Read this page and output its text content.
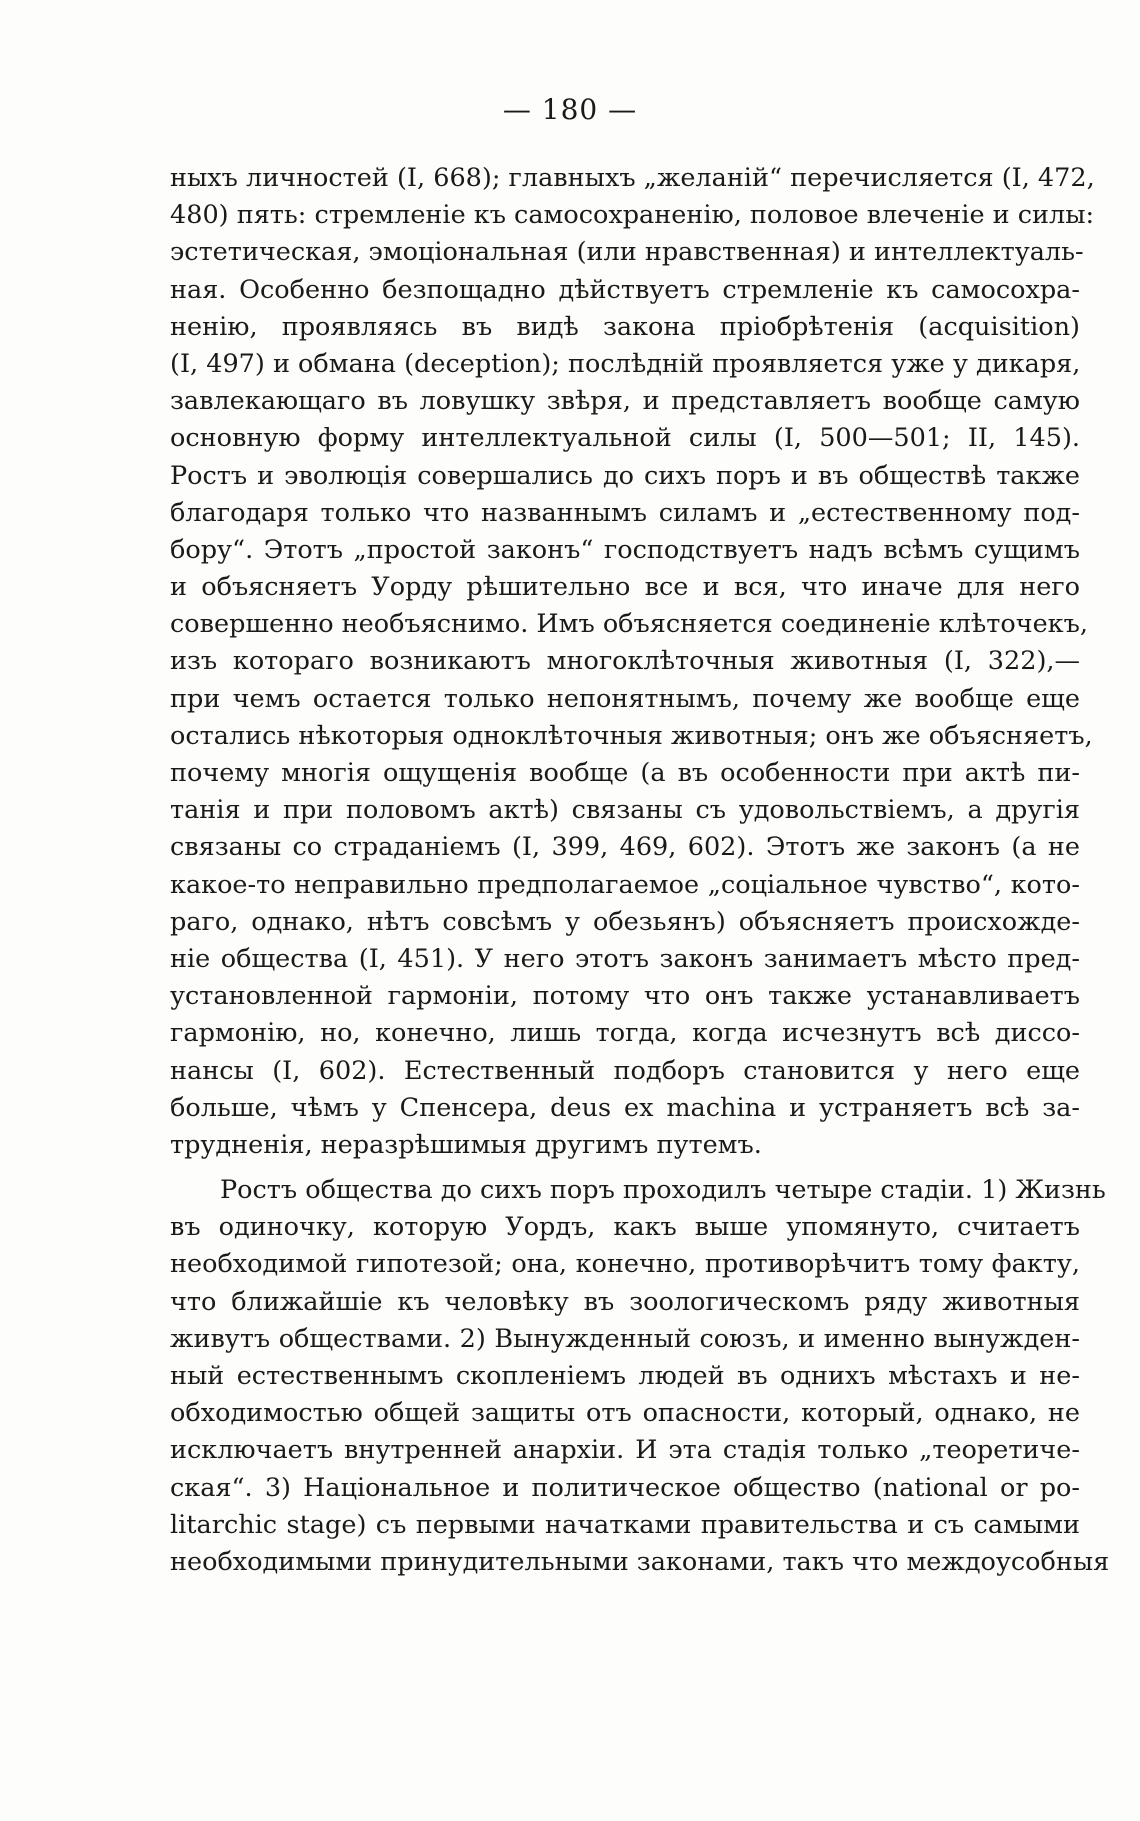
— 180 —
ныхъ личностей (I, 668); главныхъ „желаній“ перечисляется (I, 472,
480) пять: стремленіе къ самосохраненію, половое влеченіе и силы:
эстетическая, эмоціональная (или нравственная) и интеллектуаль-
ная. Особенно безпощадно дѣйствуетъ стремленіе къ самосохра-
ненію, проявляясь въ видѣ закона пріобрѣтенія (acquisition)
(I, 497) и обмана (deception); послѣдній проявляется уже у дикаря,
завлекающаго въ ловушку звѣря, и представляетъ вообще самую
основную форму интеллектуальной силы (I, 500—501; II, 145).
Ростъ и эволюція совершались до сихъ поръ и въ обществѣ также
благодаря только что названнымъ силамъ и „естественному под-
бору“. Этотъ „простой законъ“ господствуетъ надъ всѣмъ сущимъ
и объясняетъ Уорду рѣшительно все и вся, что иначе для него
совершенно необъяснимо. Имъ объясняется соединеніе клѣточекъ,
изъ котораго возникаютъ многоклѣточныя животныя (I, 322),—
при чемъ остается только непонятнымъ, почему же вообще еще
остались нѣкоторыя одноклѣточныя животныя; онъ же объясняетъ,
почему многія ощущенія вообще (а въ особенности при актѣ пи-
танія и при половомъ актѣ) связаны съ удовольствіемъ, а другія
связаны со страданіемъ (I, 399, 469, 602). Этотъ же законъ (а не
какое-то неправильно предполагаемое „соціальное чувство“, кото-
раго, однако, нѣтъ совсѣмъ у обезьянъ) объясняетъ происхожде-
ніе общества (I, 451). У него этотъ законъ занимаетъ мѣсто пред-
установленной гармоніи, потому что онъ также устанавливаетъ
гармонію, но, конечно, лишь тогда, когда исчезнутъ всѣ диссо-
нансы (I, 602). Естественный подборъ становится у него еще
больше, чѣмъ у Спенсера, deus ex machina и устраняетъ всѣ за-
трудненія, неразрѣшимыя другимъ путемъ.
Ростъ общества до сихъ поръ проходилъ четыре стадіи. 1) Жизнь
въ одиночку, которую Уордъ, какъ выше упомянуто, считаетъ
необходимой гипотезой; она, конечно, противорѣчитъ тому факту,
что ближайшіе къ человѣку въ зоологическомъ ряду животныя
живутъ обществами. 2) Вынужденный союзъ, и именно вынужден-
ный естественнымъ скопленіемъ людей въ однихъ мѣстахъ и не-
обходимостью общей защиты отъ опасности, который, однако, не
исключаетъ внутренней анархіи. И эта стадія только „теоретиче-
ская“. 3) Національное и политическое общество (national or po-
litarchic stage) съ первыми начатками правительства и съ самыми
необходимыми принудительными законами, такъ что междоусобныя
